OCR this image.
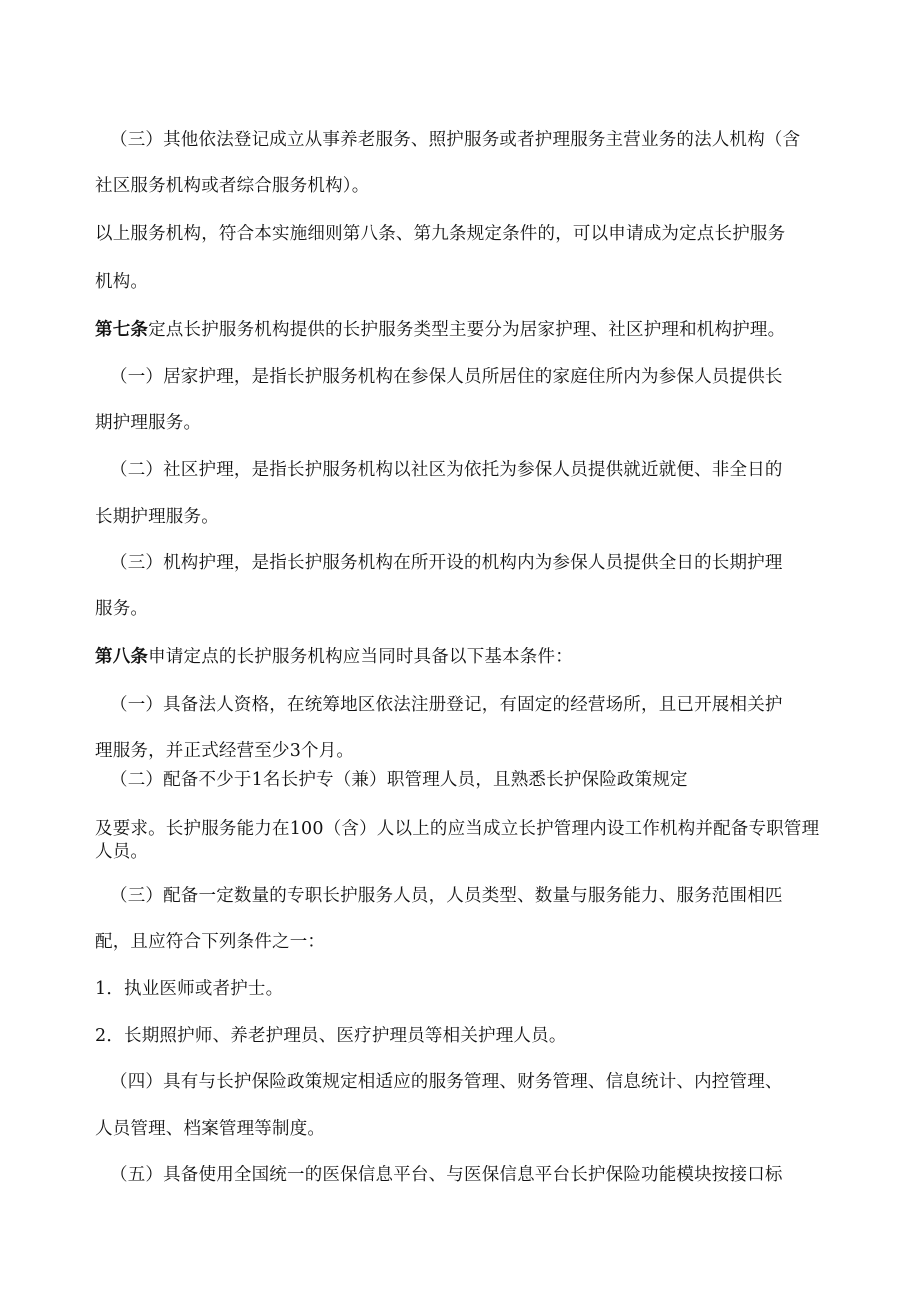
（三）其他依法登记成立从事养老服务、照护服务或者护理服务主营业务的法人机构（含
社区服务机构或者综合服务机构）。
以上服务机构，符合本实施细则第八条、第九条规定条件的，可以申请成为定点长护服务
机构。
第七条定点长护服务机构提供的长护服务类型主要分为居家护理、社区护理和机构护理。
（一）居家护理，是指长护服务机构在参保人员所居住的家庭住所内为参保人员提供长
期护理服务。
（二）社区护理，是指长护服务机构以社区为依托为参保人员提供就近就便、非全日的
长期护理服务。
（三）机构护理，是指长护服务机构在所开设的机构内为参保人员提供全日的长期护理
服务。
第八条申请定点的长护服务机构应当同时具备以下基本条件：
（一）具备法人资格，在统筹地区依法注册登记，有固定的经营场所，且已开展相关护
理服务，并正式经营至少3个月。
（二）配备不少于1名长护专（兼）职管理人员，且熟悉长护保险政策规定
及要求。长护服务能力在100（含）人以上的应当成立长护管理内设工作机构并配备专职管理
人员。
（三）配备一定数量的专职长护服务人员，人员类型、数量与服务能力、服务范围相匹
配，且应符合下列条件之一：
1．执业医师或者护士。
2．长期照护师、养老护理员、医疗护理员等相关护理人员。
（四）具有与长护保险政策规定相适应的服务管理、财务管理、信息统计、内控管理、
人员管理、档案管理等制度。
（五）具备使用全国统一的医保信息平台、与医保信息平台长护保险功能模块按接口标
